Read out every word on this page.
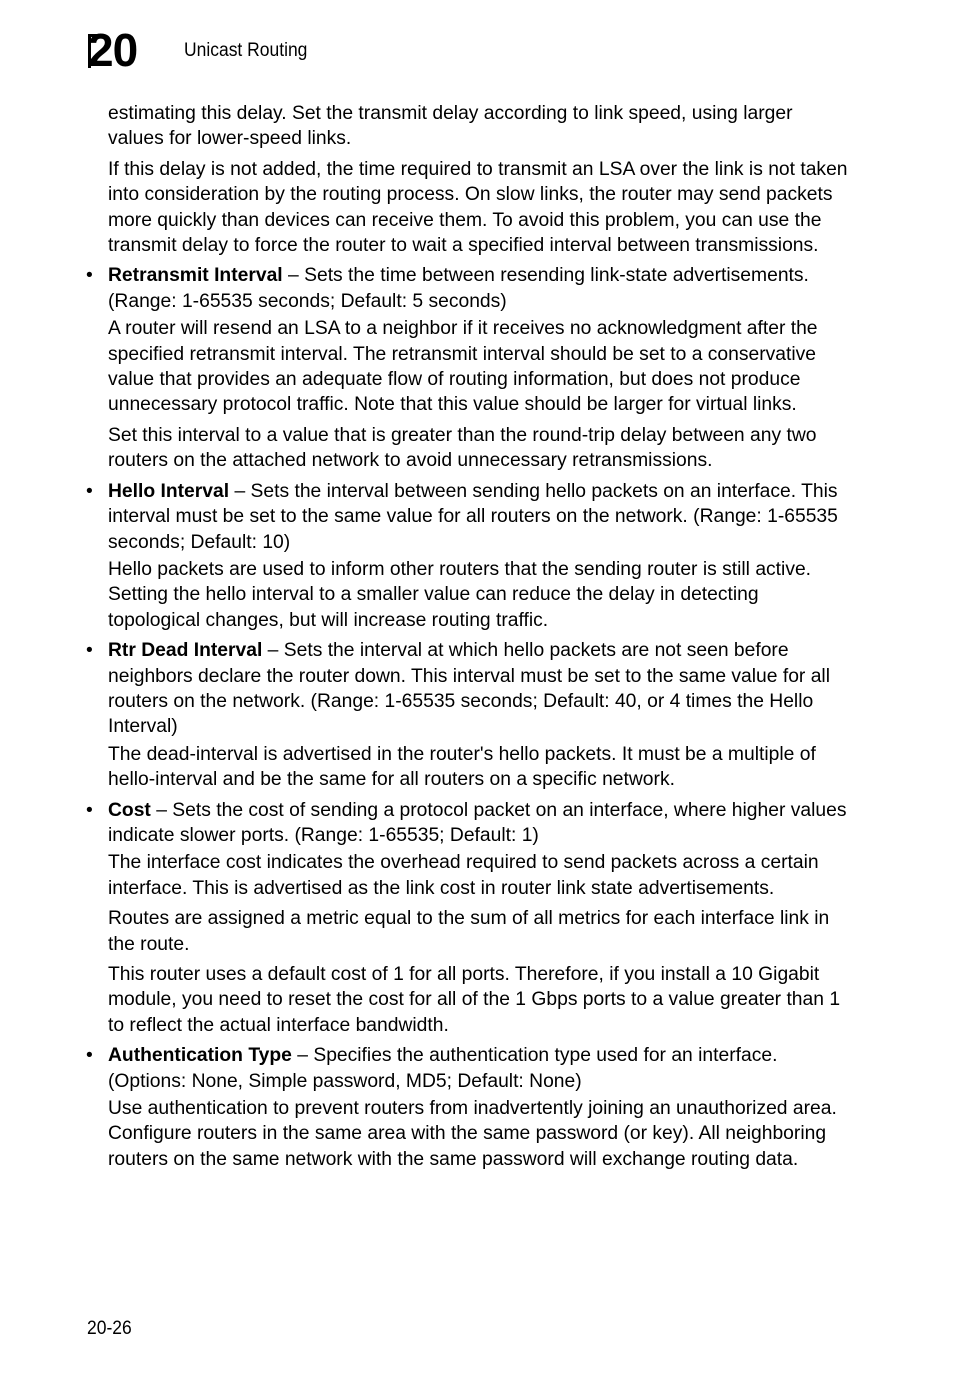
20	Unicast Routing

estimating this delay. Set the transmit delay according to link speed, using larger values for lower-speed links.

If this delay is not added, the time required to transmit an LSA over the link is not taken into consideration by the routing process. On slow links, the router may send packets more quickly than devices can receive them. To avoid this problem, you can use the transmit delay to force the router to wait a specified interval between transmissions.

• Retransmit Interval – Sets the time between resending link-state advertisements. (Range: 1-65535 seconds; Default: 5 seconds)

A router will resend an LSA to a neighbor if it receives no acknowledgment after the specified retransmit interval. The retransmit interval should be set to a conservative value that provides an adequate flow of routing information, but does not produce unnecessary protocol traffic. Note that this value should be larger for virtual links.

Set this interval to a value that is greater than the round-trip delay between any two routers on the attached network to avoid unnecessary retransmissions.

• Hello Interval – Sets the interval between sending hello packets on an interface. This interval must be set to the same value for all routers on the network. (Range: 1-65535 seconds; Default: 10)

Hello packets are used to inform other routers that the sending router is still active. Setting the hello interval to a smaller value can reduce the delay in detecting topological changes, but will increase routing traffic.

• Rtr Dead Interval – Sets the interval at which hello packets are not seen before neighbors declare the router down. This interval must be set to the same value for all routers on the network. (Range: 1-65535 seconds; Default: 40, or 4 times the Hello Interval)

The dead-interval is advertised in the router's hello packets. It must be a multiple of hello-interval and be the same for all routers on a specific network.

• Cost – Sets the cost of sending a protocol packet on an interface, where higher values indicate slower ports. (Range: 1-65535; Default: 1)

The interface cost indicates the overhead required to send packets across a certain interface. This is advertised as the link cost in router link state advertisements.

Routes are assigned a metric equal to the sum of all metrics for each interface link in the route.

This router uses a default cost of 1 for all ports. Therefore, if you install a 10 Gigabit module, you need to reset the cost for all of the 1 Gbps ports to a value greater than 1 to reflect the actual interface bandwidth.

• Authentication Type – Specifies the authentication type used for an interface. (Options: None, Simple password, MD5; Default: None)

Use authentication to prevent routers from inadvertently joining an unauthorized area. Configure routers in the same area with the same password (or key). All neighboring routers on the same network with the same password will exchange routing data.

20-26
